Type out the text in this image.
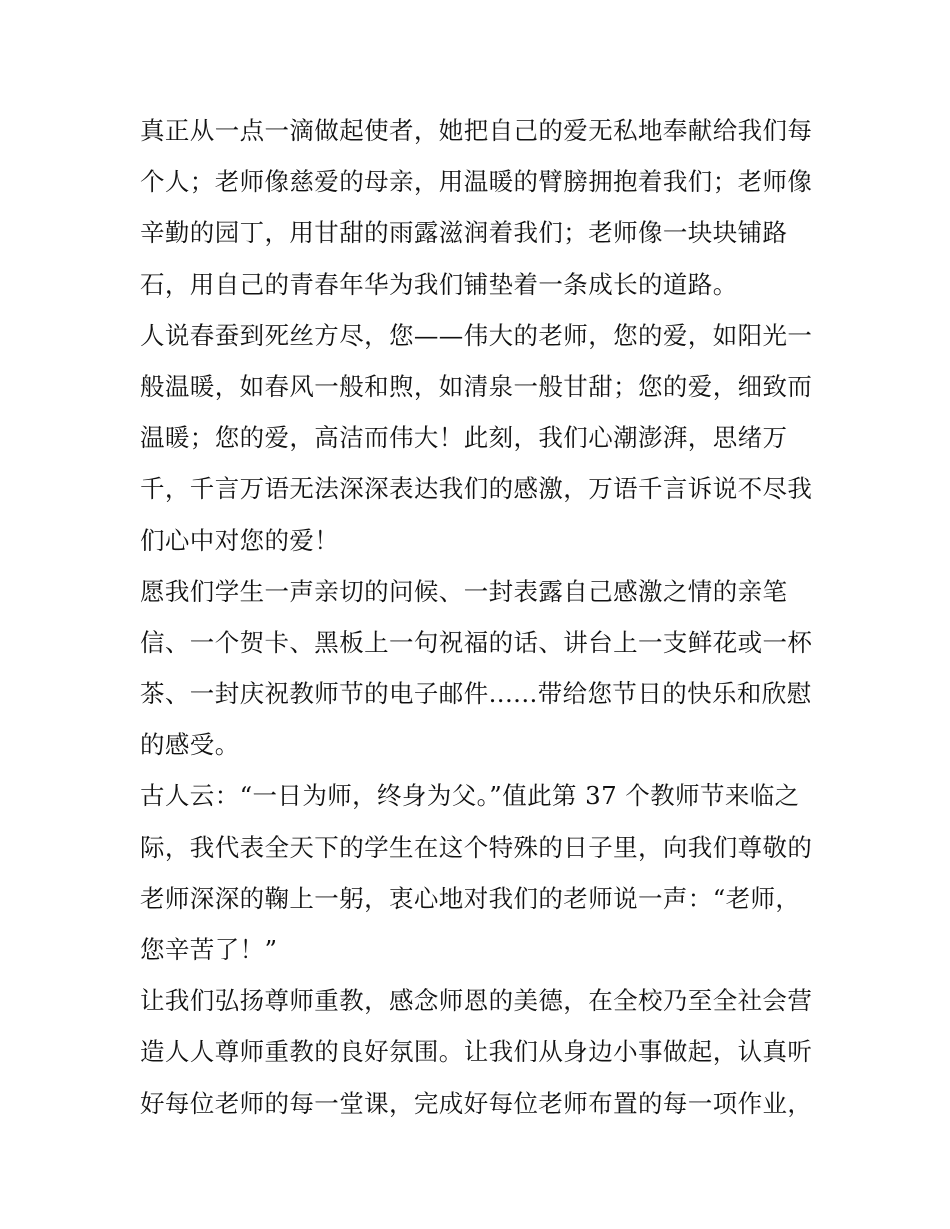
真正从一点一滴做起使者，她把自己的爱无私地奉献给我们每
个人；老师像慈爱的母亲，用温暖的臂膀拥抱着我们；老师像
辛勤的园丁，用甘甜的雨露滋润着我们；老师像一块块铺路
石，用自己的青春年华为我们铺垫着一条成长的道路。
人说春蚕到死丝方尽，您——伟大的老师，您的爱，如阳光一
般温暖，如春风一般和煦，如清泉一般甘甜；您的爱，细致而
温暖；您的爱，高洁而伟大！此刻，我们心潮澎湃，思绪万
千，千言万语无法深深表达我们的感激，万语千言诉说不尽我
们心中对您的爱！
愿我们学生一声亲切的问候、一封表露自己感激之情的亲笔
信、一个贺卡、黑板上一句祝福的话、讲台上一支鲜花或一杯
茶、一封庆祝教师节的电子邮件......带给您节日的快乐和欣慰
的感受。
古人云：“一日为师，终身为父。”值此第 37 个教师节来临之
际，我代表全天下的学生在这个特殊的日子里，向我们尊敬的
老师深深的鞠上一躬，衷心地对我们的老师说一声：“老师，
您辛苦了！”
让我们弘扬尊师重教，感念师恩的美德，在全校乃至全社会营
造人人尊师重教的良好氛围。让我们从身边小事做起，认真听
好每位老师的每一堂课，完成好每位老师布置的每一项作业，
